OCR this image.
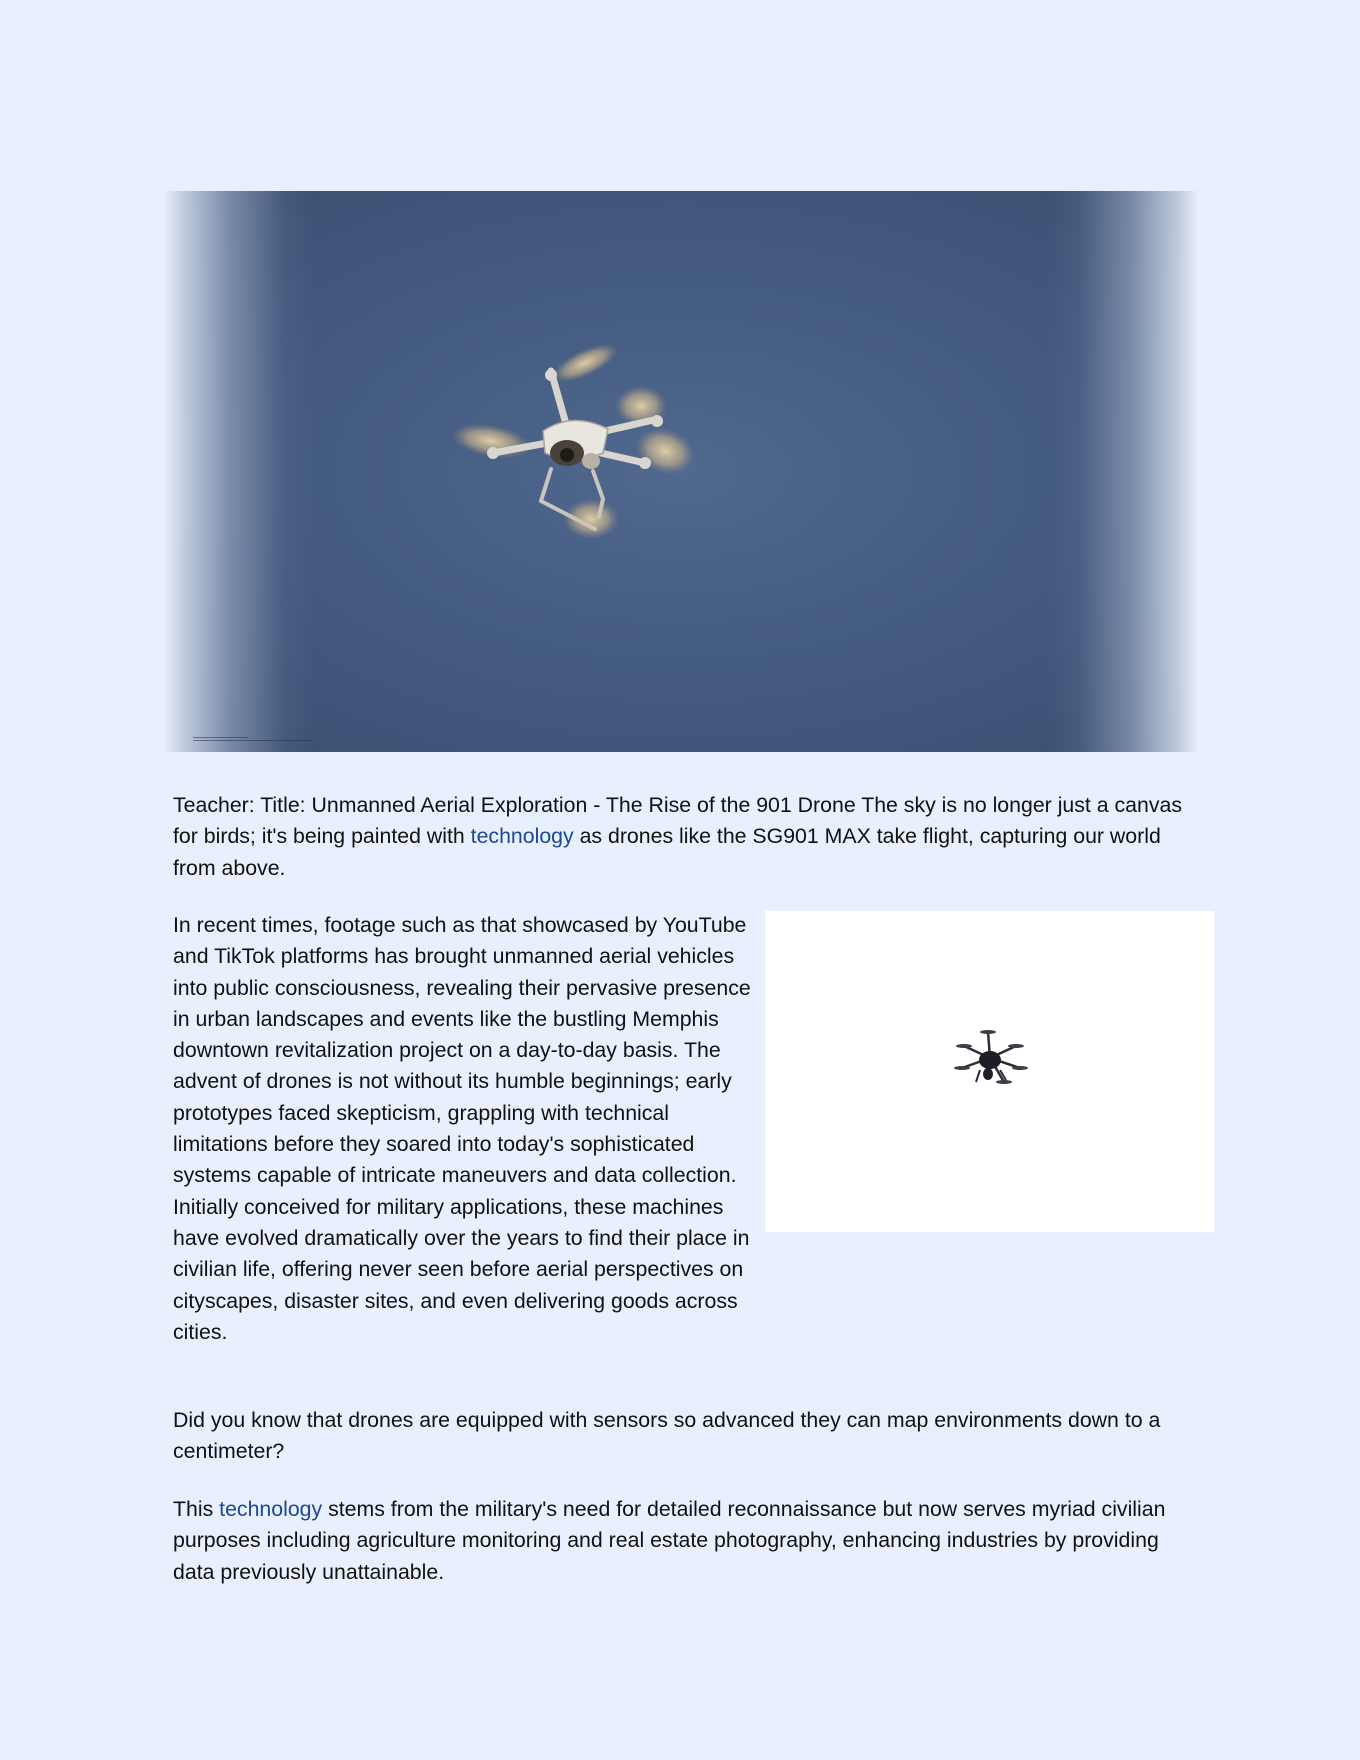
Teacher: Title: Unmanned Aerial Exploration - The Rise of the 901 Drone The sky is no longer just a canvas for birds; it's being painted with technology as drones like the SG901 MAX take flight, capturing our world from above.

In recent times, footage such as that showcased by YouTube and TikTok platforms has brought unmanned aerial vehicles into public consciousness, revealing their pervasive presence in urban landscapes and events like the bustling Memphis downtown revitalization project on a day-to-day basis. The advent of drones is not without its humble beginnings; early prototypes faced skepticism, grappling with technical limitations before they soared into today's sophisticated systems capable of intricate maneuvers and data collection. Initially conceived for military applications, these machines have evolved dramatically over the years to find their place in civilian life, offering never seen before aerial perspectives on cityscapes, disaster sites, and even delivering goods across cities.

Did you know that drones are equipped with sensors so advanced they can map environments down to a centimeter?

This technology stems from the military's need for detailed reconnaissance but now serves myriad civilian purposes including agriculture monitoring and real estate photography, enhancing industries by providing data previously unattainable.
